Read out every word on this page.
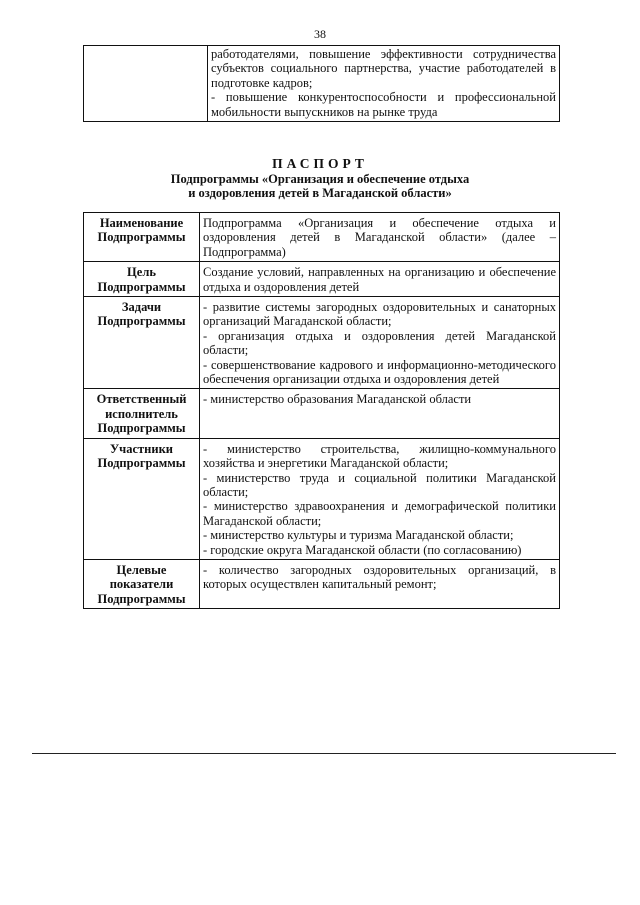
38

работодателями, повышение эффективности сотрудничества субъектов социального партнерства, участие работодателей в подготовке кадров;
- повышение конкурентоспособности и профессиональной мобильности выпускников на рынке труда
ПАСПОРТ
Подпрограммы «Организация и обеспечение отдыха
и оздоровления детей в Магаданской области»
Наименование Подпрограммы	Подпрограмма «Организация и обеспечение отдыха и оздоровления детей в Магаданской области» (далее – Подпрограмма)

Цель Подпрограммы	Создание условий, направленных на организацию и обеспечение отдыха и оздоровления детей

Задачи Подпрограммы	- развитие системы загородных оздоровительных и санаторных организаций Магаданской области;
- организация отдыха и оздоровления детей Магаданской области;
- совершенствование кадрового и информационно-методического обеспечения организации отдыха и оздоровления детей

Ответственный исполнитель Подпрограммы	- министерство образования Магаданской области

Участники Подпрограммы	- министерство строительства, жилищно-коммунального хозяйства и энергетики Магаданской области;
- министерство труда и социальной политики Магаданской области;
- министерство здравоохранения и демографической политики Магаданской области;
- министерство культуры и туризма Магаданской области;
- городские округа Магаданской области (по согласованию)

Целевые показатели Подпрограммы	- количество загородных оздоровительных организаций, в которых осуществлен капитальный ремонт;
